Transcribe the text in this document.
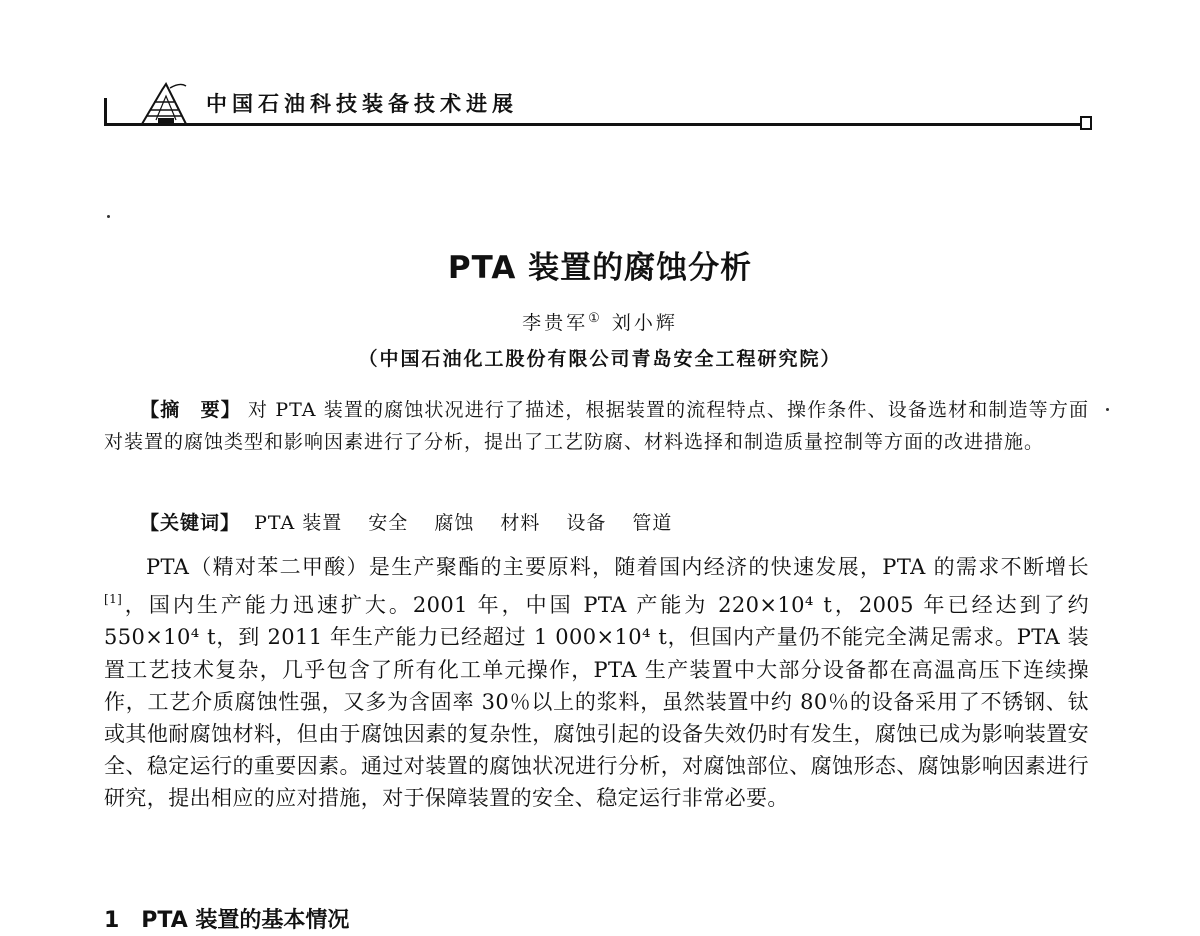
中国石油科技装备技术进展
PTA 装置的腐蚀分析
李贵军① 刘小辉
（中国石油化工股份有限公司青岛安全工程研究院）

【摘　要】 对 PTA 装置的腐蚀状况进行了描述，根据装置的流程特点、操作条件、设备选材和制造等方面对装置的腐蚀类型和影响因素进行了分析，提出了工艺防腐、材料选择和制造质量控制等方面的改进措施。

【关键词】 PTA 装置 安全 腐蚀 材料 设备 管道

PTA（精对苯二甲酸）是生产聚酯的主要原料，随着国内经济的快速发展，PTA 的需求不断增长[1]，国内生产能力迅速扩大。2001 年，中国 PTA 产能为 220×10⁴ t，2005 年已经达到了约 550×10⁴ t，到 2011 年生产能力已经超过 1 000×10⁴ t，但国内产量仍不能完全满足需求。PTA 装置工艺技术复杂，几乎包含了所有化工单元操作，PTA 生产装置中大部分设备都在高温高压下连续操作，工艺介质腐蚀性强，又多为含固率 30％以上的浆料，虽然装置中约 80％的设备采用了不锈钢、钛或其他耐腐蚀材料，但由于腐蚀因素的复杂性，腐蚀引起的设备失效仍时有发生，腐蚀已成为影响装置安全、稳定运行的重要因素。通过对装置的腐蚀状况进行分析，对腐蚀部位、腐蚀形态、腐蚀影响因素进行研究，提出相应的应对措施，对于保障装置的安全、稳定运行非常必要。

1　PTA 装置的基本情况
